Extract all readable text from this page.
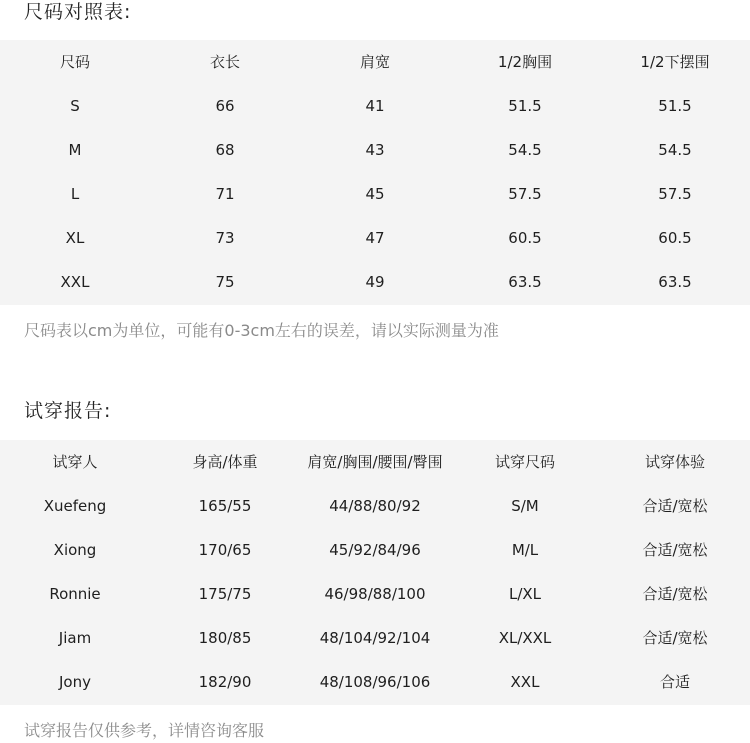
尺码对照表:
尺码	衣长	肩宽	1/2胸围	1/2下摆围
S	66	41	51.5	51.5
M	68	43	54.5	54.5
L	71	45	57.5	57.5
XL	73	47	60.5	60.5
XXL	75	49	63.5	63.5
尺码表以cm为单位，可能有0-3cm左右的误差，请以实际测量为准
试穿报告:
试穿人	身高/体重	肩宽/胸围/腰围/臀围	试穿尺码	试穿体验
Xuefeng	165/55	44/88/80/92	S/M	合适/宽松
Xiong	170/65	45/92/84/96	M/L	合适/宽松
Ronnie	175/75	46/98/88/100	L/XL	合适/宽松
Jiam	180/85	48/104/92/104	XL/XXL	合适/宽松
Jony	182/90	48/108/96/106	XXL	合适
试穿报告仅供参考，详情咨询客服
